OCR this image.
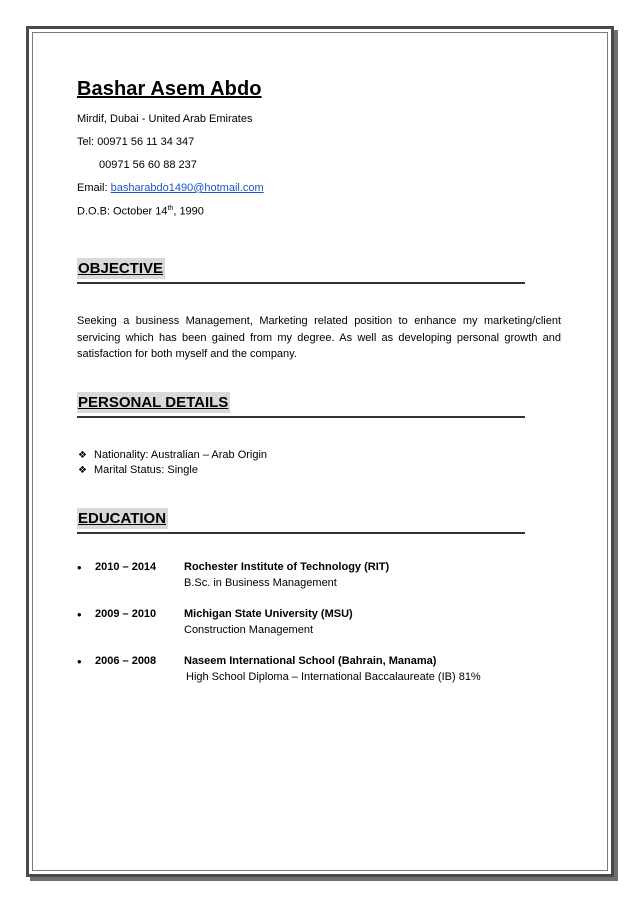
Bashar Asem Abdo
Mirdif, Dubai - United Arab Emirates
Tel: 00971 56 11 34 347
00971 56 60 88 237
Email: basharabdo1490@hotmail.com
D.O.B: October 14th, 1990
OBJECTIVE
Seeking a business Management, Marketing related position to enhance my marketing/client servicing which has been gained from my degree. As well as developing personal growth and satisfaction for both myself and the company.
PERSONAL DETAILS
❖ Nationality: Australian – Arab Origin
❖ Marital Status: Single
EDUCATION
•	2010 – 2014	Rochester Institute of Technology (RIT)
B.Sc. in Business Management
•	2009 – 2010	Michigan State University (MSU)
Construction Management
•	2006 – 2008	Naseem International School (Bahrain, Manama)
High School Diploma – International Baccalaureate (IB) 81%
